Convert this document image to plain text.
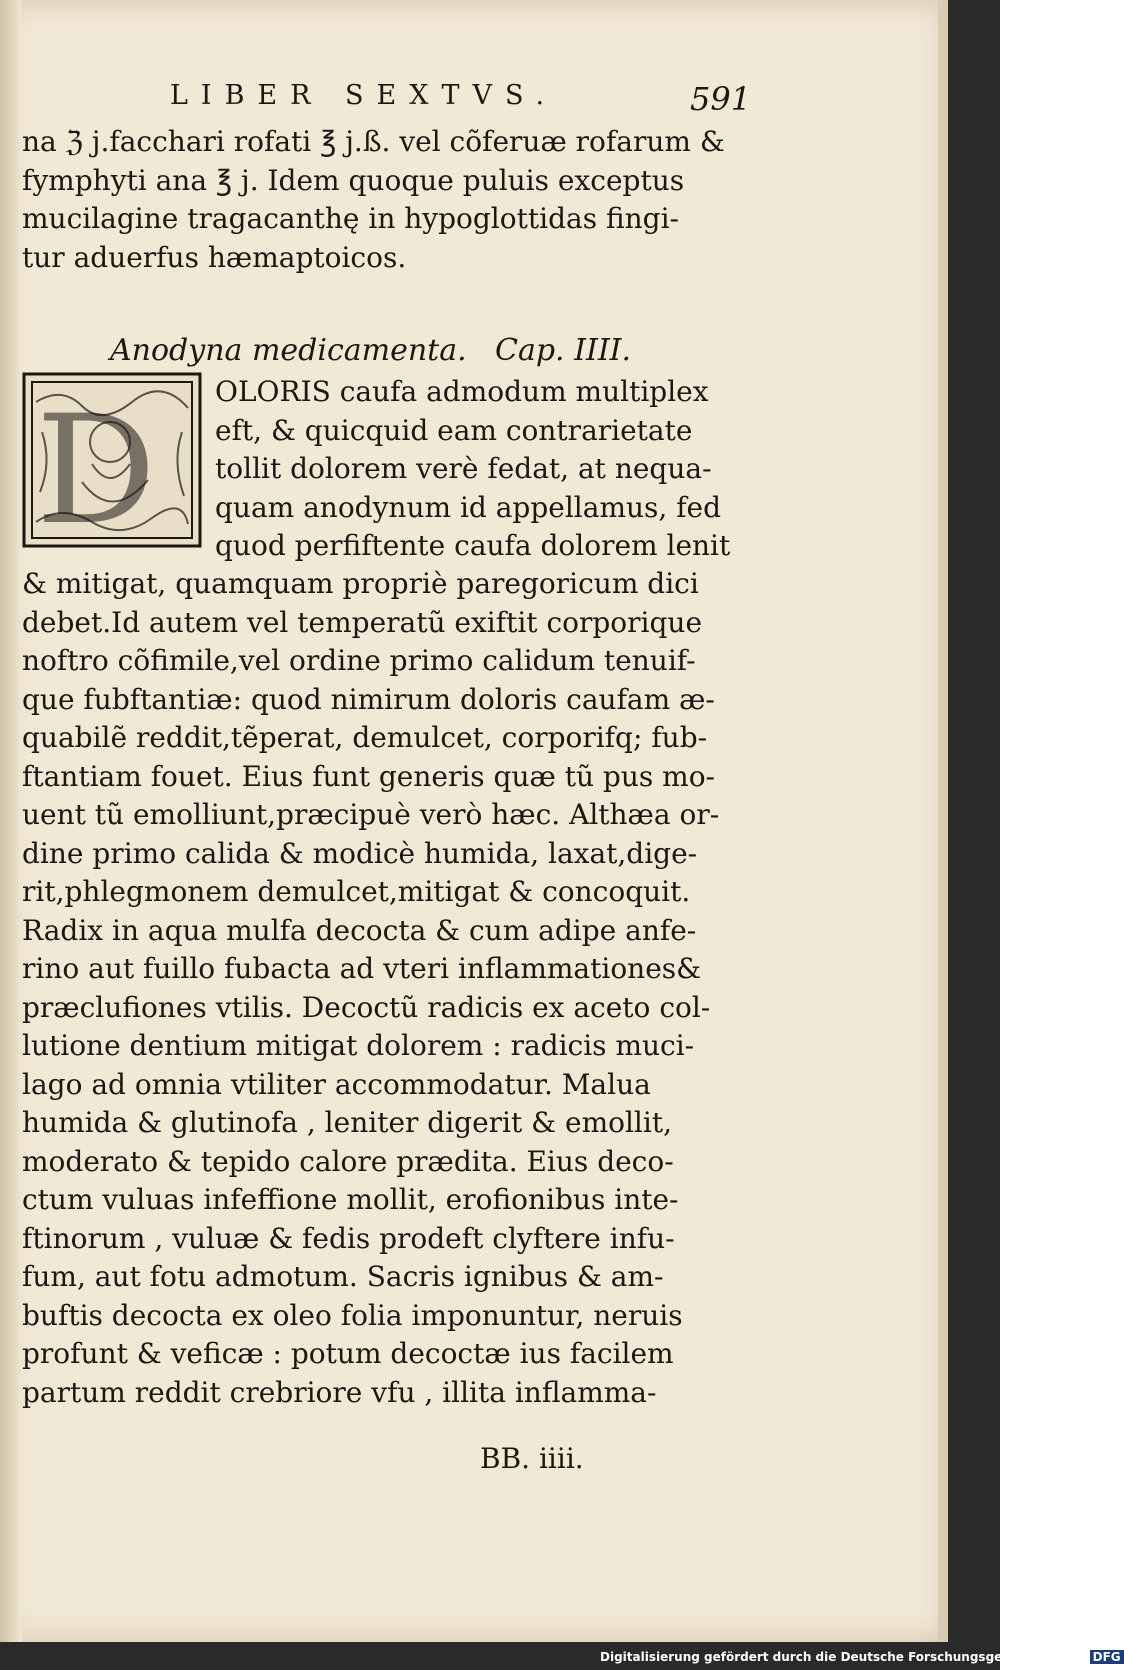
LIBER SEXTVS.	591
na ℨ j.facchari rofati ℥ j.ß. vel cõferuæ rofarum &
fymphyti ana ℥ j. Idem quoque puluis exceptus
mucilagine tragacanthę in hypoglottidas fingi-
tur aduerfus hæmaptoicos.
Anodyna medicamenta. Cap. IIII.
D OLORIS caufa admodum multiplex
eft, & quicquid eam contrarietate
tollit dolorem verè fedat, at nequa-
quam anodynum id appellamus, fed
quod perfiftente caufa dolorem lenit
& mitigat, quamquam propriè paregoricum dici
debet.Id autem vel temperatũ exiftit corporique
noftro cõfimile,vel ordine primo calidum tenuif-
que fubftantiæ: quod nimirum doloris caufam æ-
quabilẽ reddit,tẽperat, demulcet, corporifq; fub-
ftantiam fouet. Eius funt generis quæ tũ pus mo-
uent tũ emolliunt,præcipuè verò hæc. Althæa or-
dine primo calida & modicè humida, laxat,dige-
rit,phlegmonem demulcet,mitigat & concoquit.
Radix in aqua mulfa decocta & cum adipe anfe-
rino aut fuillo fubacta ad vteri inflammationes&
præclufiones vtilis. Decoctũ radicis ex aceto col-
lutione dentium mitigat dolorem : radicis muci-
lago ad omnia vtiliter accommodatur. Malua
humida & glutinofa , leniter digerit & emollit,
moderato & tepido calore prædita. Eius deco-
ctum vuluas infeffione mollit, erofionibus inte-
ftinorum , vuluæ & fedis prodeft clyftere infu-
fum, aut fotu admotum. Sacris ignibus & am-
buftis decocta ex oleo folia imponuntur, neruis
profunt & veficæ : potum decoctæ ius facilem
partum reddit crebriore vfu , illita inflamma-
BB. iiii.
Digitalisierung gefördert durch die Deutsche Forschungsgemeinschaft - DFG
